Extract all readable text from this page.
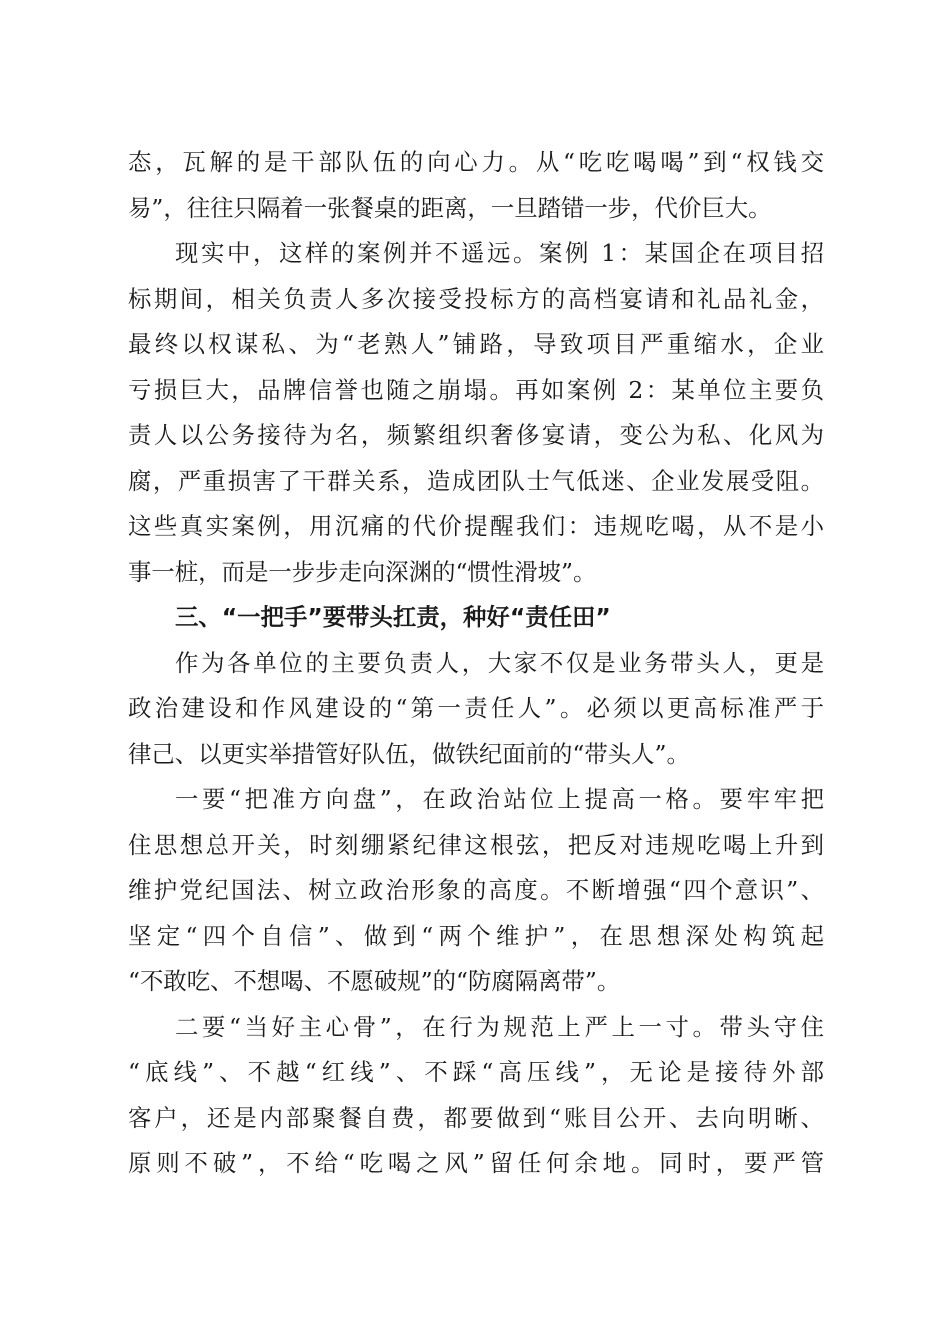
态，瓦解的是干部队伍的向心力。从“吃吃喝喝”到“权钱交
易”，往往只隔着一张餐桌的距离，一旦踏错一步，代价巨大。
现实中，这样的案例并不遥远。案例 1：某国企在项目招
标期间，相关负责人多次接受投标方的高档宴请和礼品礼金，
最终以权谋私、为“老熟人”铺路，导致项目严重缩水，企业
亏损巨大，品牌信誉也随之崩塌。再如案例 2：某单位主要负
责人以公务接待为名，频繁组织奢侈宴请，变公为私、化风为
腐，严重损害了干群关系，造成团队士气低迷、企业发展受阻。
这些真实案例，用沉痛的代价提醒我们：违规吃喝，从不是小
事一桩，而是一步步走向深渊的“惯性滑坡”。
三、“一把手”要带头扛责，种好“责任田”
作为各单位的主要负责人，大家不仅是业务带头人，更是
政治建设和作风建设的“第一责任人”。必须以更高标准严于
律己、以更实举措管好队伍，做铁纪面前的“带头人”。
一要“把准方向盘”，在政治站位上提高一格。要牢牢把
住思想总开关，时刻绷紧纪律这根弦，把反对违规吃喝上升到
维护党纪国法、树立政治形象的高度。不断增强“四个意识”、
坚定“四个自信”、做到“两个维护”，在思想深处构筑起
“不敢吃、不想喝、不愿破规”的“防腐隔离带”。
二要“当好主心骨”，在行为规范上严上一寸。带头守住
“底线”、不越“红线”、不踩“高压线”，无论是接待外部
客户，还是内部聚餐自费，都要做到“账目公开、去向明晰、
原则不破”，不给“吃喝之风”留任何余地。同时，要严管
